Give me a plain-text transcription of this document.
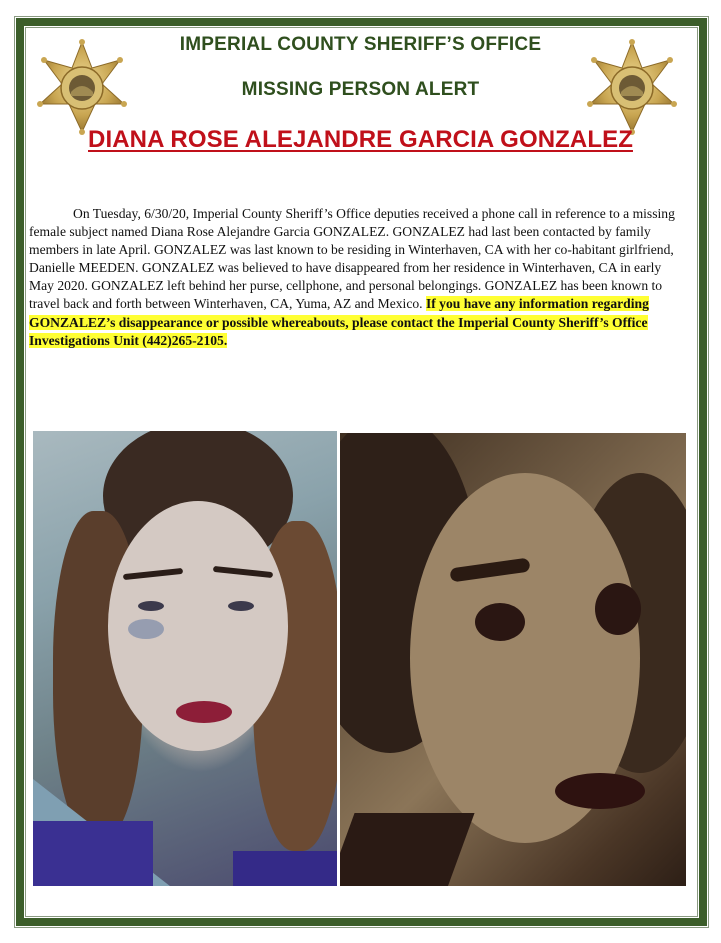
IMPERIAL COUNTY SHERIFF’S OFFICE
MISSING PERSON ALERT
DIANA ROSE ALEJANDRE GARCIA GONZALEZ
On Tuesday, 6/30/20, Imperial County Sheriff’s Office deputies received a phone call in reference to a missing female subject named Diana Rose Alejandre Garcia GONZALEZ. GONZALEZ had last been contacted by family members in late April. GONZALEZ was last known to be residing in Winterhaven, CA with her co-habitant girlfriend, Danielle MEEDEN. GONZALEZ was believed to have disappeared from her residence in Winterhaven, CA in early May 2020. GONZALEZ left behind her purse, cellphone, and personal belongings. GONZALEZ has been known to travel back and forth between Winterhaven, CA, Yuma, AZ and Mexico. If you have any information regarding GONZALEZ’s disappearance or possible whereabouts, please contact the Imperial County Sheriff’s Office Investigations Unit (442)265-2105.
